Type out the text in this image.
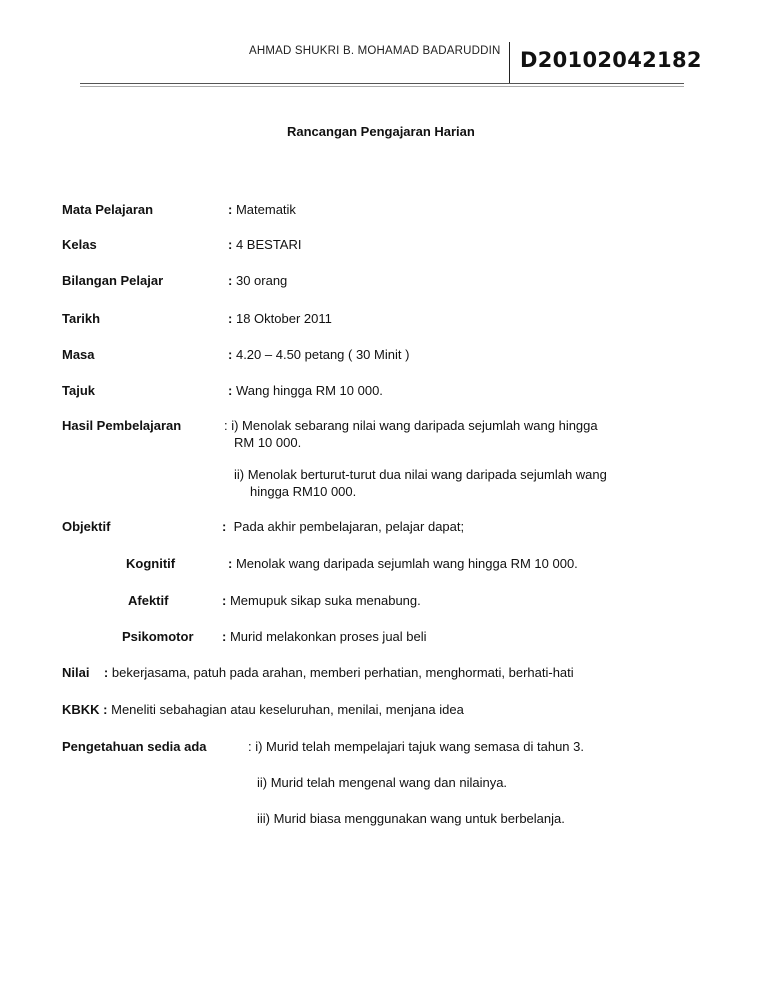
AHMAD SHUKRI B. MOHAMAD BADARUDDIN D20102042182
Rancangan Pengajaran Harian
Mata Pelajaran	: Matematik
Kelas	: 4 BESTARI
Bilangan Pelajar	: 30 orang
Tarikh	: 18 Oktober 2011
Masa	: 4.20 – 4.50 petang ( 30 Minit )
Tajuk	: Wang hingga RM 10 000.
Hasil Pembelajaran	: i) Menolak sebarang nilai wang daripada sejumlah wang hingga
RM 10 000.
ii) Menolak berturut-turut dua nilai wang daripada sejumlah wang
hingga RM10 000.
Objektif	: Pada akhir pembelajaran, pelajar dapat;
Kognitif	: Menolak wang daripada sejumlah wang hingga RM 10 000.
Afektif	: Memupuk sikap suka menabung.
Psikomotor : Murid melakonkan proses jual beli
Nilai : bekerjasama, patuh pada arahan, memberi perhatian, menghormati, berhati-hati
KBKK : Meneliti sebahagian atau keseluruhan, menilai, menjana idea
Pengetahuan sedia ada	: i) Murid telah mempelajari tajuk wang semasa di tahun 3.
ii) Murid telah mengenal wang dan nilainya.
iii) Murid biasa menggunakan wang untuk berbelanja.
